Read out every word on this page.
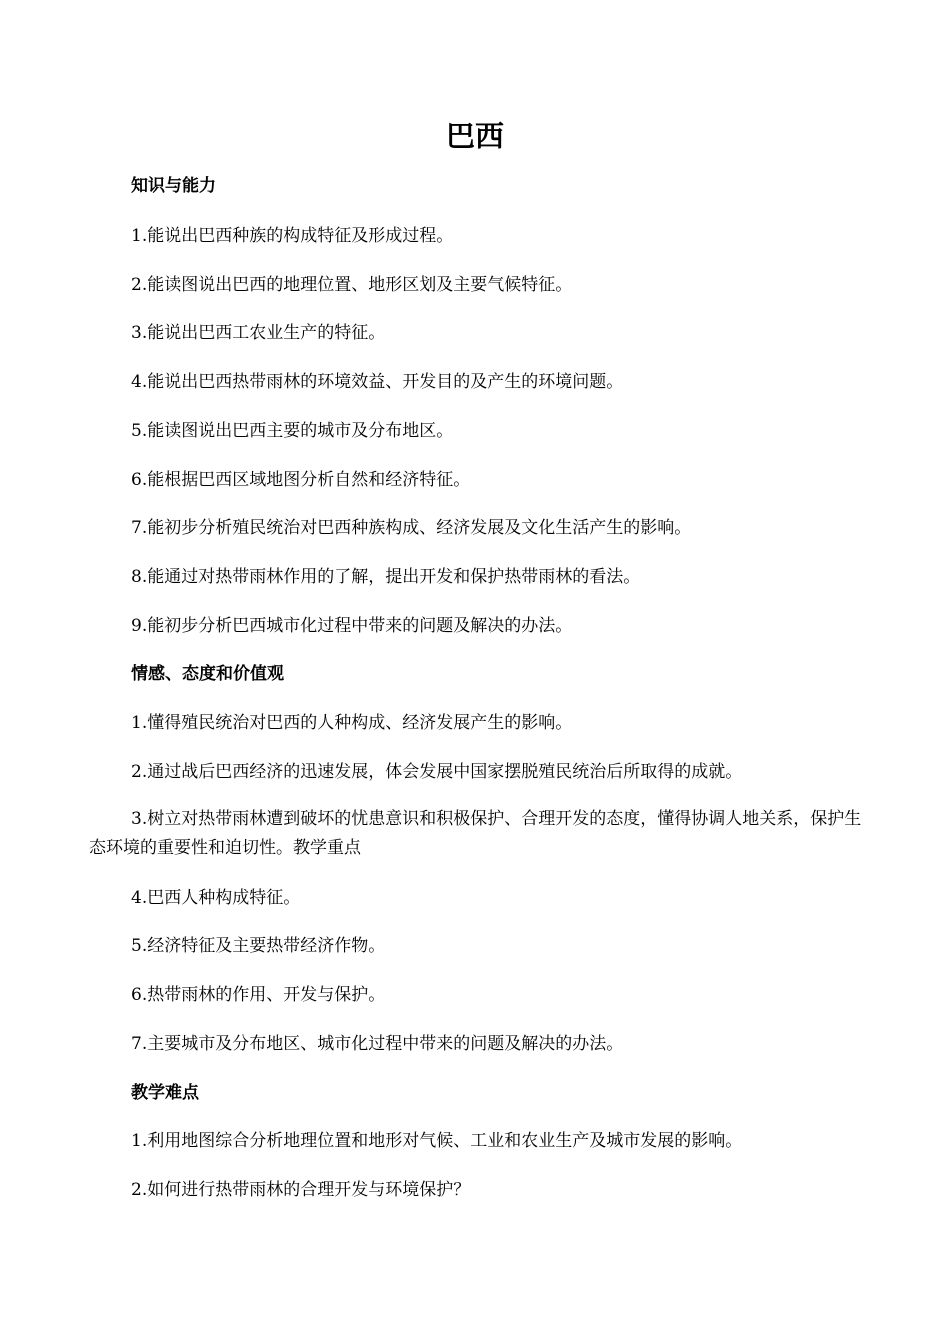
巴西
知识与能力
1.能说出巴西种族的构成特征及形成过程。
2.能读图说出巴西的地理位置、地形区划及主要气候特征。
3.能说出巴西工农业生产的特征。
4.能说出巴西热带雨林的环境效益、开发目的及产生的环境问题。
5.能读图说出巴西主要的城市及分布地区。
6.能根据巴西区域地图分析自然和经济特征。
7.能初步分析殖民统治对巴西种族构成、经济发展及文化生活产生的影响。
8.能通过对热带雨林作用的了解，提出开发和保护热带雨林的看法。
9.能初步分析巴西城市化过程中带来的问题及解决的办法。
情感、态度和价值观
1.懂得殖民统治对巴西的人种构成、经济发展产生的影响。
2.通过战后巴西经济的迅速发展，体会发展中国家摆脱殖民统治后所取得的成就。
3.树立对热带雨林遭到破坏的忧患意识和积极保护、合理开发的态度，懂得协调人地关系，保护生态环境的重要性和迫切性。教学重点
4.巴西人种构成特征。
5.经济特征及主要热带经济作物。
6.热带雨林的作用、开发与保护。
7.主要城市及分布地区、城市化过程中带来的问题及解决的办法。
教学难点
1.利用地图综合分析地理位置和地形对气候、工业和农业生产及城市发展的影响。
2.如何进行热带雨林的合理开发与环境保护？
